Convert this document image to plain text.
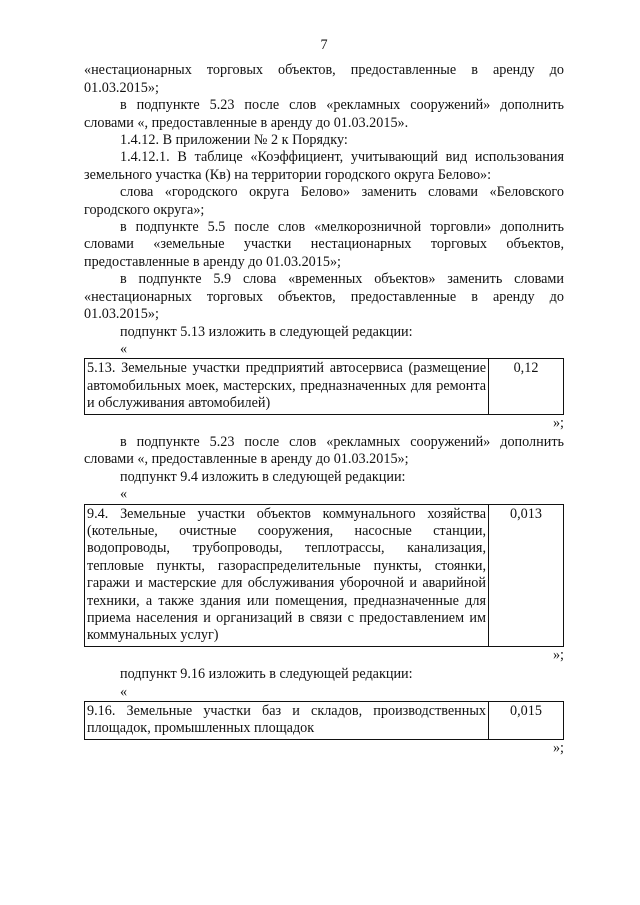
7

«нестационарных торговых объектов, предоставленные в аренду до 01.03.2015»;

в подпункте 5.23 после слов «рекламных сооружений» дополнить словами «, предоставленные в аренду до 01.03.2015».

1.4.12. В приложении № 2 к Порядку:

1.4.12.1. В таблице «Коэффициент, учитывающий вид использования земельного участка (Кв) на территории городского округа Белово»:

слова «городского округа Белово» заменить словами «Беловского городского округа»;

в подпункте 5.5 после слов «мелкорозничной торговли» дополнить словами «земельные участки нестационарных торговых объектов, предоставленные в аренду до 01.03.2015»;

в подпункте 5.9 слова «временных объектов» заменить словами «нестационарных торговых объектов, предоставленные в аренду до 01.03.2015»;

подпункт 5.13 изложить в следующей редакции:

«

5.13. Земельные участки предприятий автосервиса (размещение автомобильных моек, мастерских, предназначенных для ремонта и обслуживания автомобилей)	0,12

»;

в подпункте 5.23 после слов «рекламных сооружений» дополнить словами «, предоставленные в аренду до 01.03.2015»;

подпункт 9.4 изложить в следующей редакции:

«

9.4. Земельные участки объектов коммунального хозяйства (котельные, очистные сооружения, насосные станции, водопроводы, трубопроводы, теплотрассы, канализация, тепловые пункты, газораспределительные пункты, стоянки, гаражи и мастерские для обслуживания уборочной и аварийной техники, а также здания или помещения, предназначенные для приема населения и организаций в связи с предоставлением им коммунальных услуг)	0,013

»;

подпункт 9.16 изложить в следующей редакции:

«

9.16. Земельные участки баз и складов, производственных площадок, промышленных площадок	0,015

»;
